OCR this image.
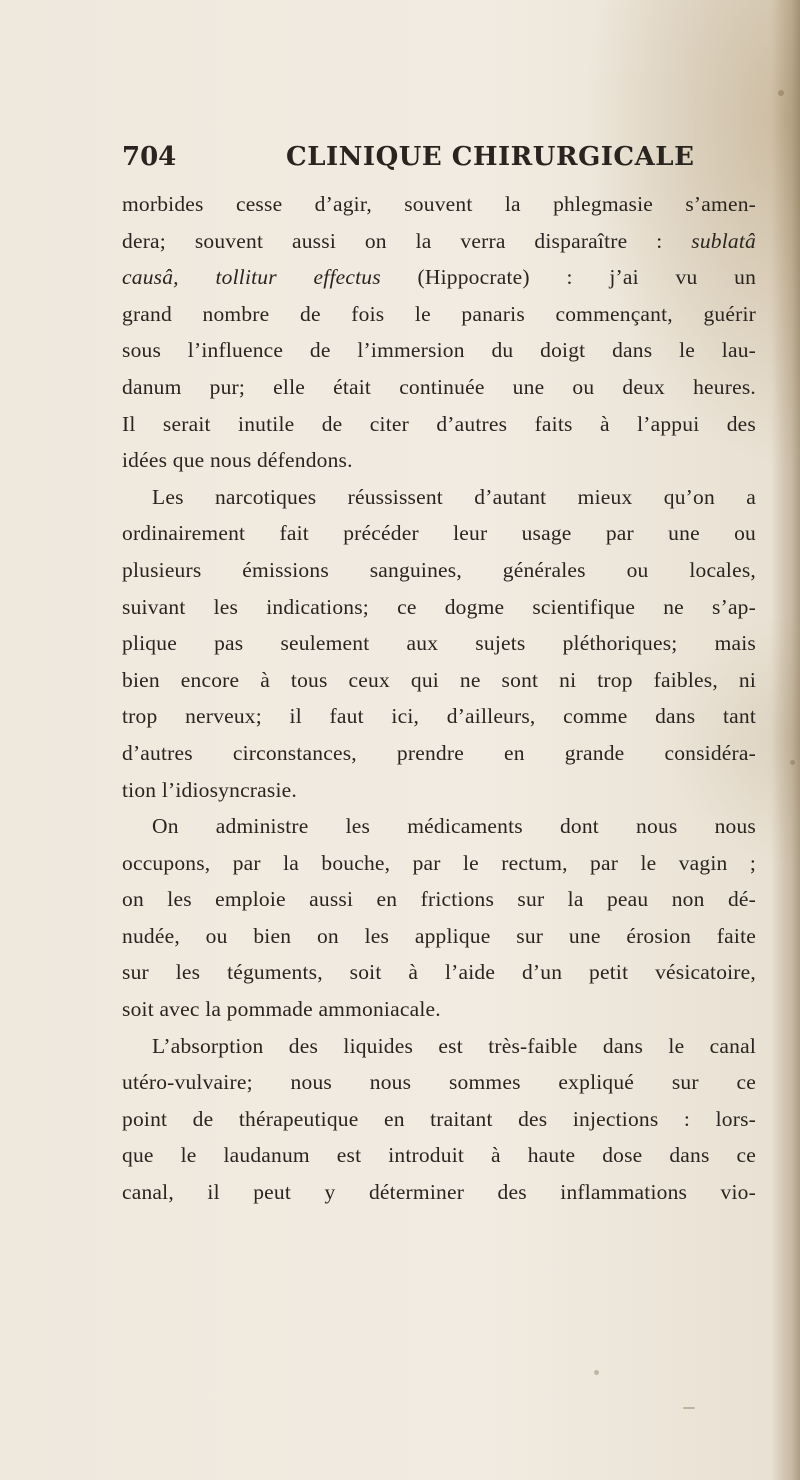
704	CLINIQUE CHIRURGICALE
morbides cesse d’agir, souvent la phlegmasie s’amen-
dera; souvent aussi on la verra disparaître : sublatâ
causâ, tollitur effectus (Hippocrate) : j’ai vu un
grand nombre de fois le panaris commençant, guérir
sous l’influence de l’immersion du doigt dans le lau-
danum pur; elle était continuée une ou deux heures.
Il serait inutile de citer d’autres faits à l’appui des
idées que nous défendons.
Les narcotiques réussissent d’autant mieux qu’on a
ordinairement fait précéder leur usage par une ou
plusieurs émissions sanguines, générales ou locales,
suivant les indications; ce dogme scientifique ne s’ap-
plique pas seulement aux sujets pléthoriques; mais
bien encore à tous ceux qui ne sont ni trop faibles, ni
trop nerveux; il faut ici, d’ailleurs, comme dans tant
d’autres circonstances, prendre en grande considéra-
tion l’idiosyncrasie.
On administre les médicaments dont nous nous
occupons, par la bouche, par le rectum, par le vagin ;
on les emploie aussi en frictions sur la peau non dé-
nudée, ou bien on les applique sur une érosion faite
sur les téguments, soit à l’aide d’un petit vésicatoire,
soit avec la pommade ammoniacale.
L’absorption des liquides est très-faible dans le canal
utéro-vulvaire; nous nous sommes expliqué sur ce
point de thérapeutique en traitant des injections : lors-
que le laudanum est introduit à haute dose dans ce
canal, il peut y déterminer des inflammations vio-
